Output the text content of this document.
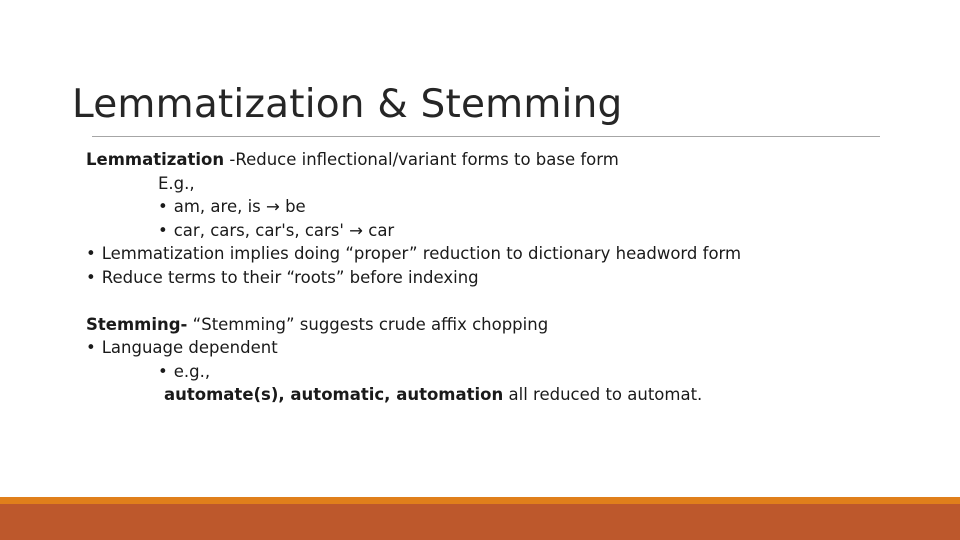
Lemmatization & Stemming
Lemmatization -Reduce inflectional/variant forms to base form
E.g.,
• am, are, is → be
• car, cars, car's, cars' → car
• Lemmatization implies doing “proper” reduction to dictionary headword form
• Reduce terms to their “roots” before indexing
Stemming- “Stemming” suggests crude affix chopping
• Language dependent
• e.g.,
automate(s), automatic, automation all reduced to automat.
